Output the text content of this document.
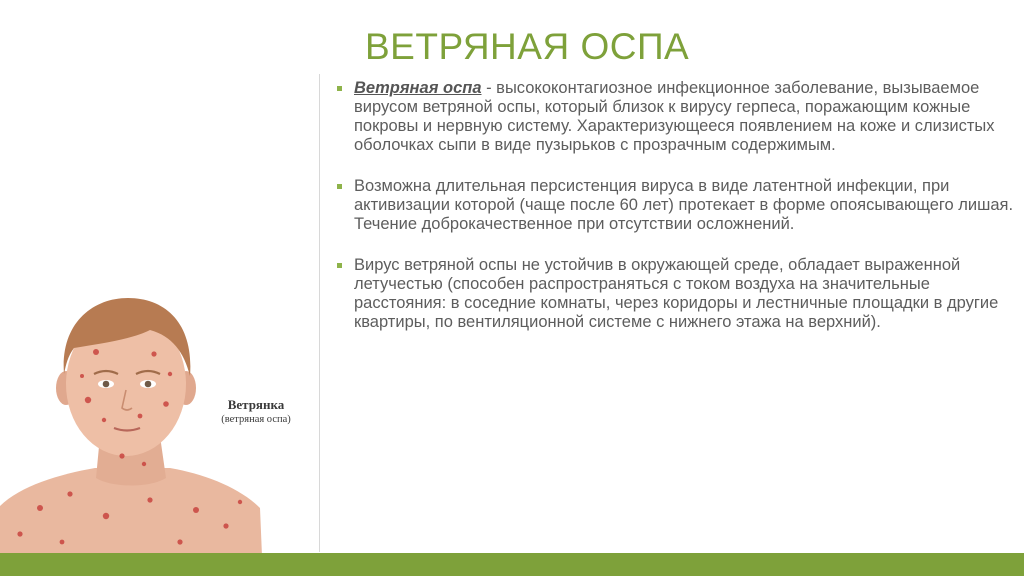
ВЕТРЯНАЯ ОСПА
Ветряная оспа - высококонтагиозное инфекционное заболевание, вызываемое вирусом ветряной оспы, который близок к вирусу герпеса, поражающим кожные покровы и нервную систему. Характеризующееся появлением на коже и слизистых оболочках сыпи в виде пузырьков с прозрачным содержимым.
Возможна длительная персистенция вируса в виде латентной инфекции, при активизации которой (чаще после 60 лет) протекает в форме опоясывающего лишая. Течение доброкачественное при отсутствии осложнений.
Вирус ветряной оспы не устойчив в окружающей среде, обладает выраженной летучестью (способен распространяться с током воздуха на значительные расстояния: в соседние комнаты, через коридоры и лестничные площадки в другие квартиры, по вентиляционной системе с нижнего этажа на верхний).
Ветрянка
(ветряная оспа)
